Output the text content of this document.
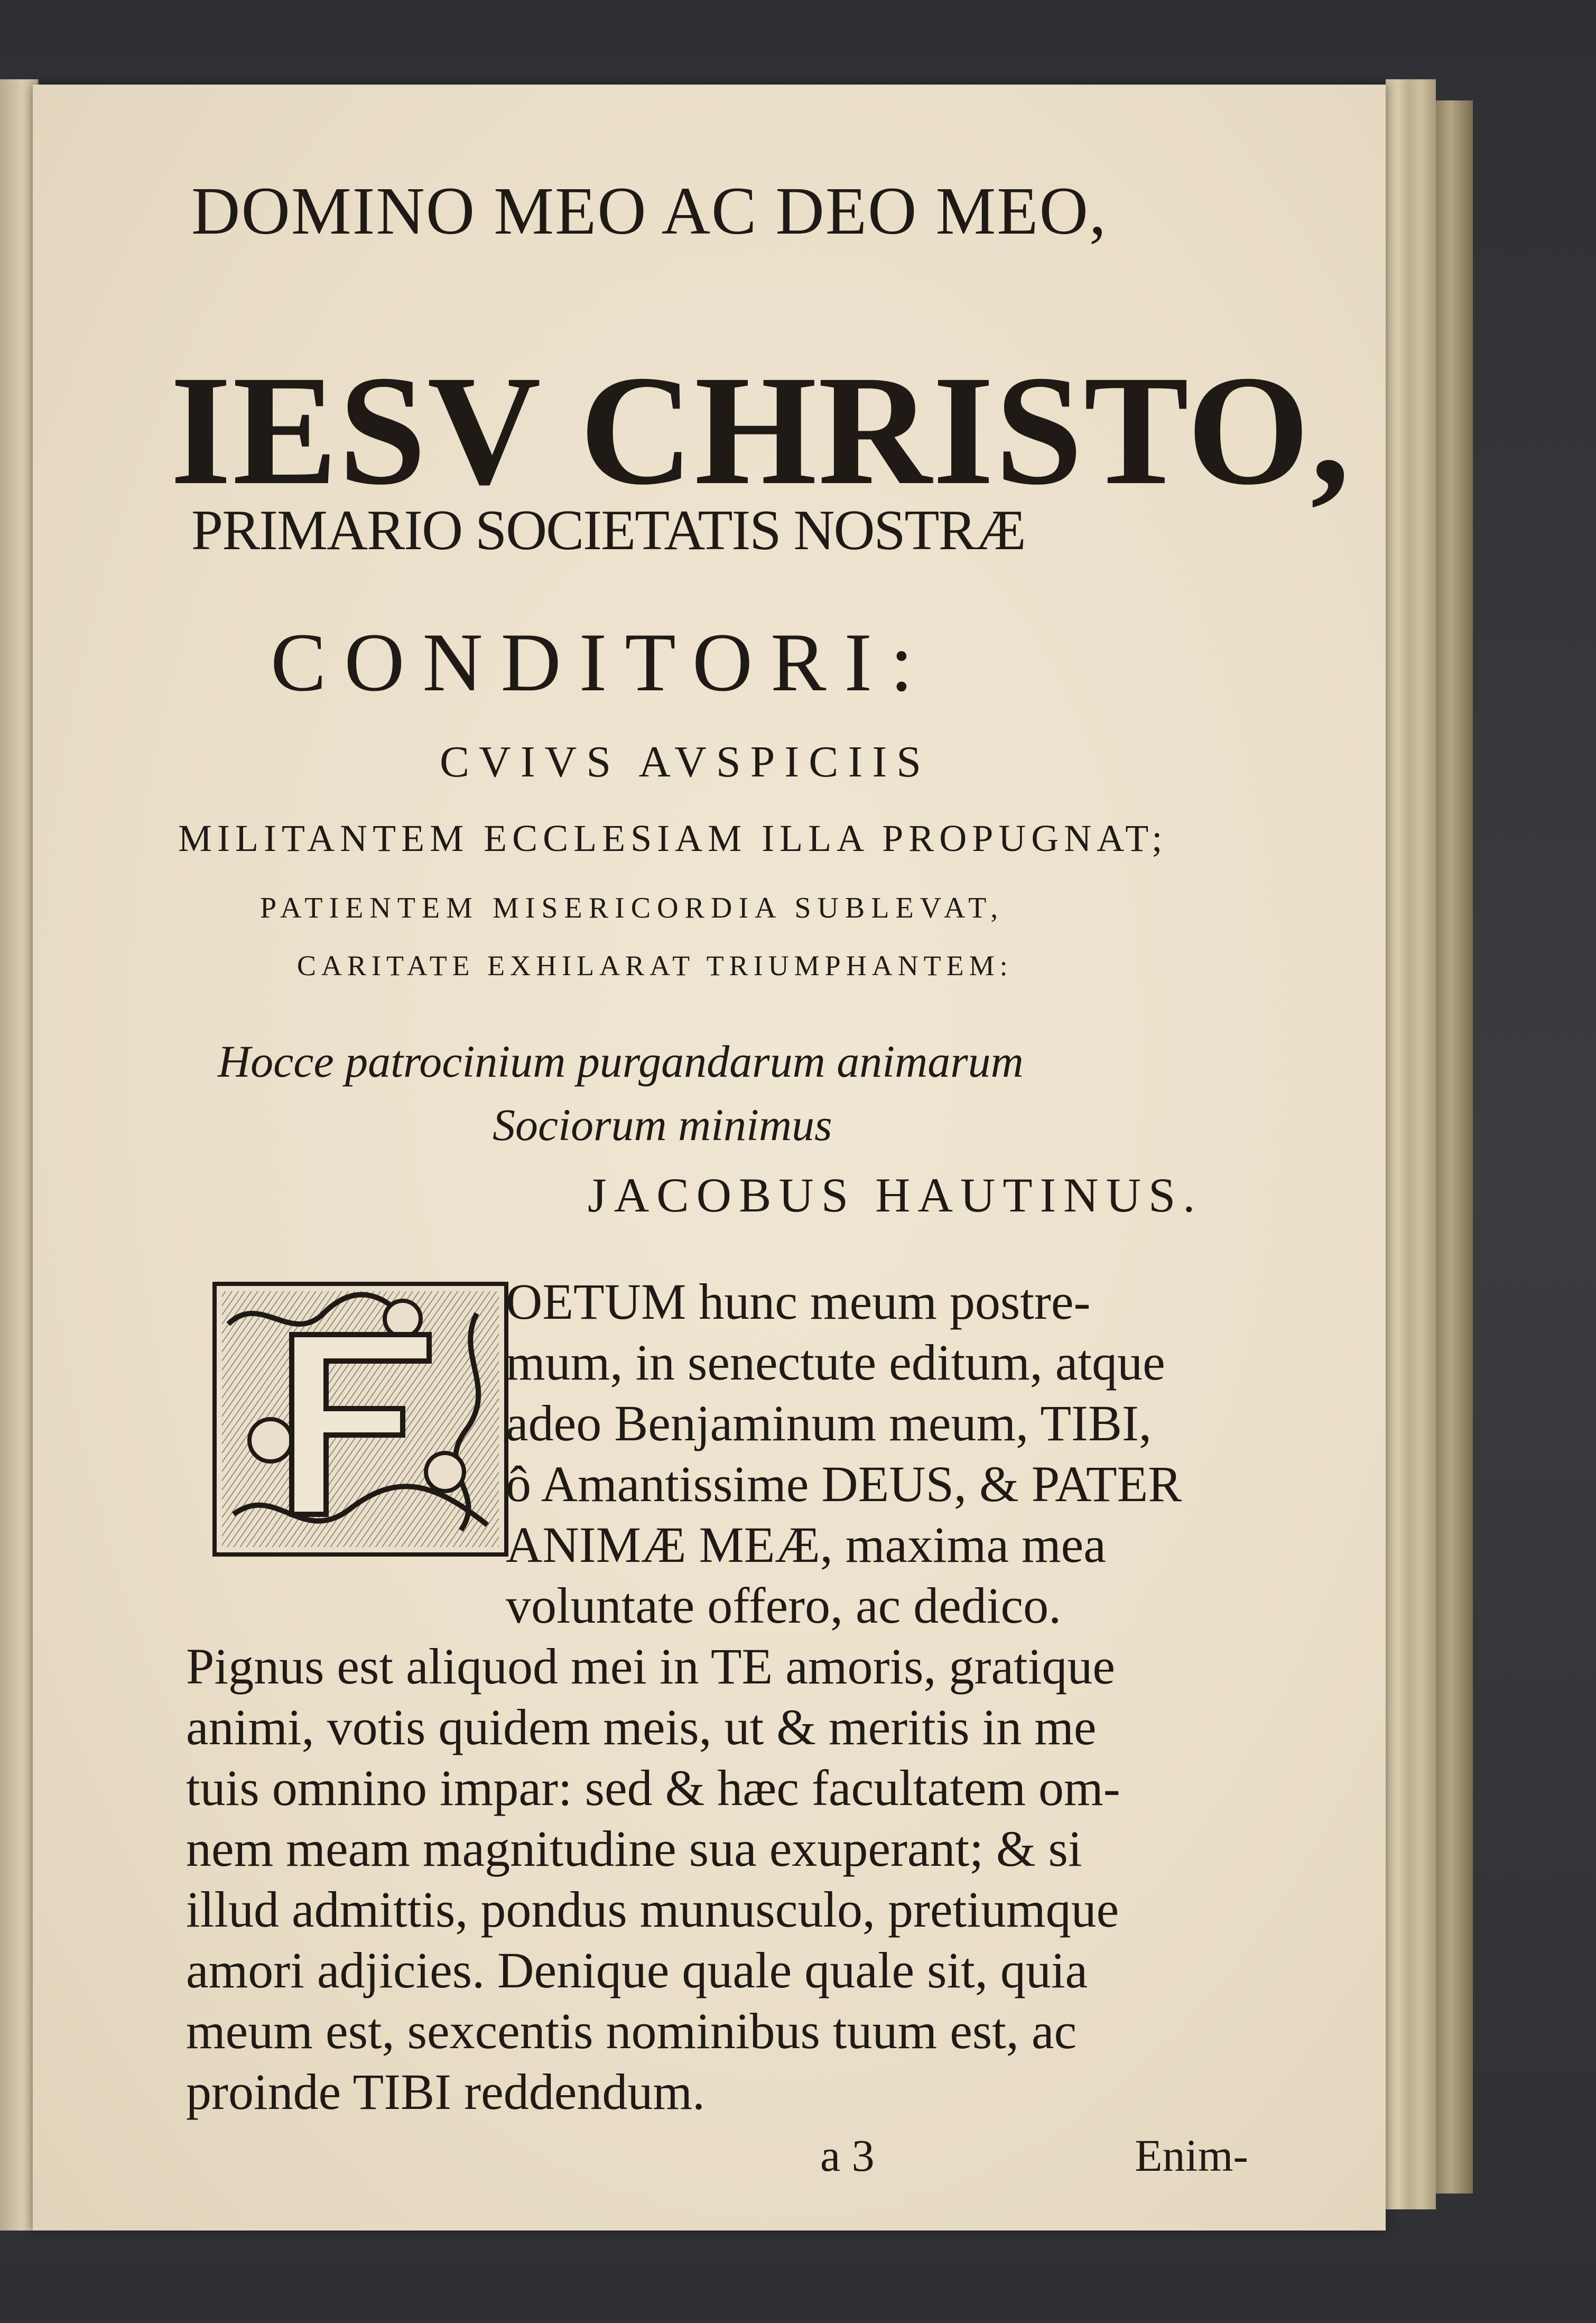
DOMINO MEO AC DEO MEO,
IESV CHRISTO,
PRIMARIO SOCIETATIS NOSTRÆ
CONDITORI:
CVIVS AVSPICIIS
MILITANTEM ECCLESIAM ILLA PROPUGNAT;
PATIENTEM MISERICORDIA SUBLEVAT,
CARITATE EXHILARAT TRIUMPHANTEM:
Hocce patrocinium purgandarum animarum
Sociorum minimus
JACOBUS HAUTINUS.
OETUM hunc meum postre-
mum, in senectute editum, atque
adeo Benjaminum meum, TIBI,
ô Amantissime DEUS, & PATER
ANIMÆ MEÆ, maxima mea
voluntate offero, ac dedico.
Pignus est aliquod mei in TE amoris, gratique
animi, votis quidem meis, ut & meritis in me
tuis omnino impar: sed & hæc facultatem om-
nem meam magnitudine sua exuperant; & si
illud admittis, pondus munusculo, pretiumque
amori adjicies. Denique quale quale sit, quia
meum est, sexcentis nominibus tuum est, ac
proinde TIBI reddendum.
a 3	Enim-
